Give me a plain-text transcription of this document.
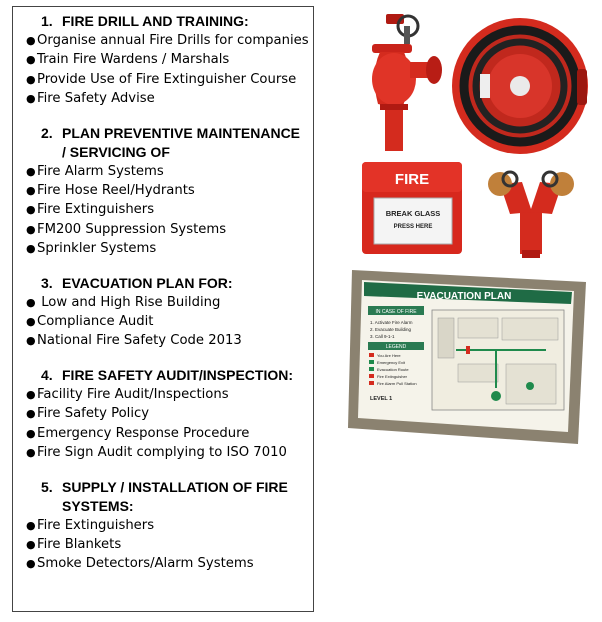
1. FIRE DRILL AND TRAINING:
● Organise annual Fire Drills for companies
● Train Fire Wardens / Marshals
● Provide Use of Fire Extinguisher Course
● Fire Safety Advise
2. PLAN PREVENTIVE MAINTENANCE / SERVICING OF
● Fire Alarm Systems
● Fire Hose Reel/Hydrants
● Fire Extinguishers
● FM200 Suppression Systems
● Sprinkler Systems
3. EVACUATION PLAN FOR:
● Low and High Rise Building
● Compliance Audit
● National Fire Safety Code 2013
4. FIRE SAFETY AUDIT/INSPECTION:
● Facility Fire Audit/Inspections
● Fire Safety Policy
● Emergency Response Procedure
● Fire Sign Audit complying to ISO 7010
5. SUPPLY / INSTALLATION OF FIRE SYSTEMS:
● Fire Extinguishers
● Fire Blankets
● Smoke Detectors/Alarm Systems
FIRE
BREAK GLASS
PRESS HERE
EVACUATION PLAN
IN CASE OF FIRE
1. Activate Fire Alarm
2. Evacuate Building
3. Call 9-1-1
LEGEND
You Are Here
Emergency Exit
Evacuation Route
Fire Extinguisher
Fire Alarm Pull Station
LEVEL 1
